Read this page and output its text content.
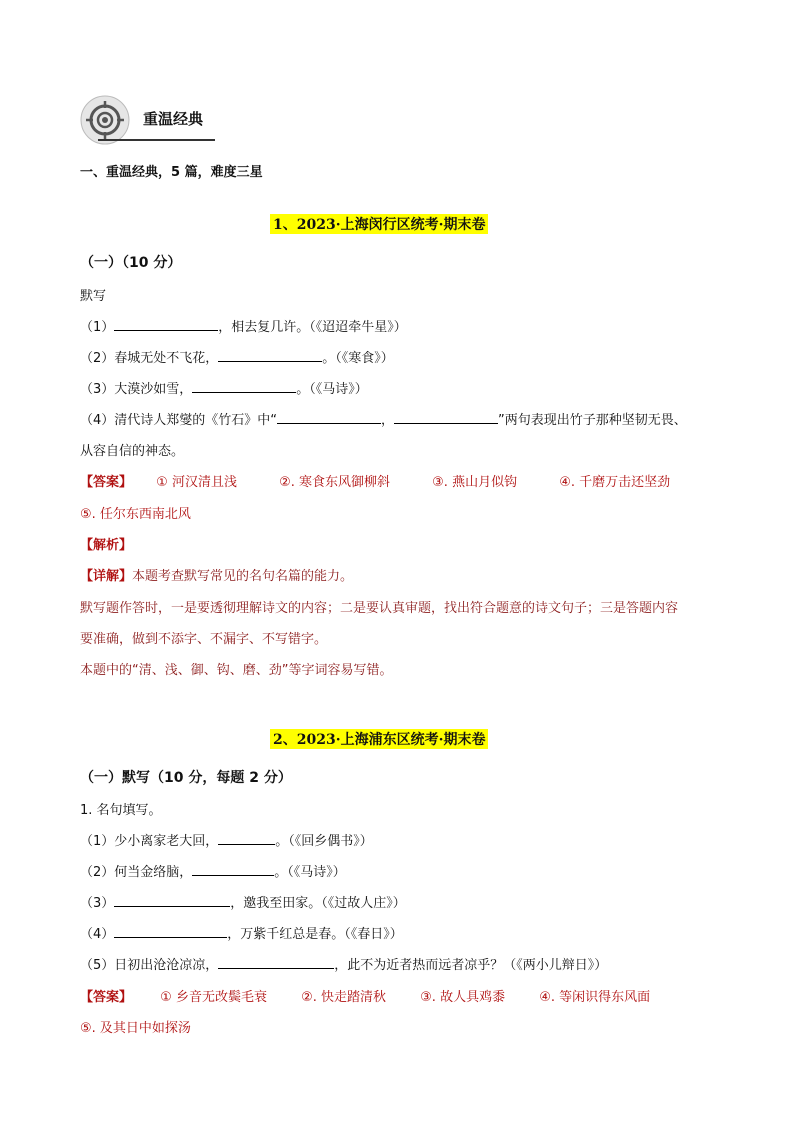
重温经典
一、重温经典，5 篇，难度三星
1、2023·上海闵行区统考·期末卷
（一）（10 分）
默写
（1）	，相去复几许。（《迢迢牵牛星》）
（2）春城无处不飞花，	。（《寒食》）
（3）大漠沙如雪，	。（《马诗》）
（4）清代诗人郑燮的《竹石》中“	，	”两句表现出竹子那种坚韧无畏、
从容自信的神态。
【答案】 ① 河汉清且浅	②. 寒食东风御柳斜	③. 燕山月似钩	④. 千磨万击还坚劲
⑤. 任尔东西南北风
【解析】
【详解】本题考查默写常见的名句名篇的能力。
默写题作答时，一是要透彻理解诗文的内容；二是要认真审题，找出符合题意的诗文句子；三是答题内容
要准确，做到不添字、不漏字、不写错字。
本题中的“清、浅、御、钩、磨、劲”等字词容易写错。
2、2023·上海浦东区统考·期末卷
（一）默写（10 分，每题 2 分）
1. 名句填写。
（1）少小离家老大回，	。（《回乡偶书》）
（2）何当金络脑，	。（《马诗》）
（3）	，邀我至田家。（《过故人庄》）
（4）	，万紫千红总是春。（《春日》）
（5）日初出沧沧凉凉，	，此不为近者热而远者凉乎？（《两小儿辩日》）
【答案】 ① 乡音无改鬓毛衰	②. 快走踏清秋	③. 故人具鸡黍	④. 等闲识得东风面
⑤. 及其日中如探汤
